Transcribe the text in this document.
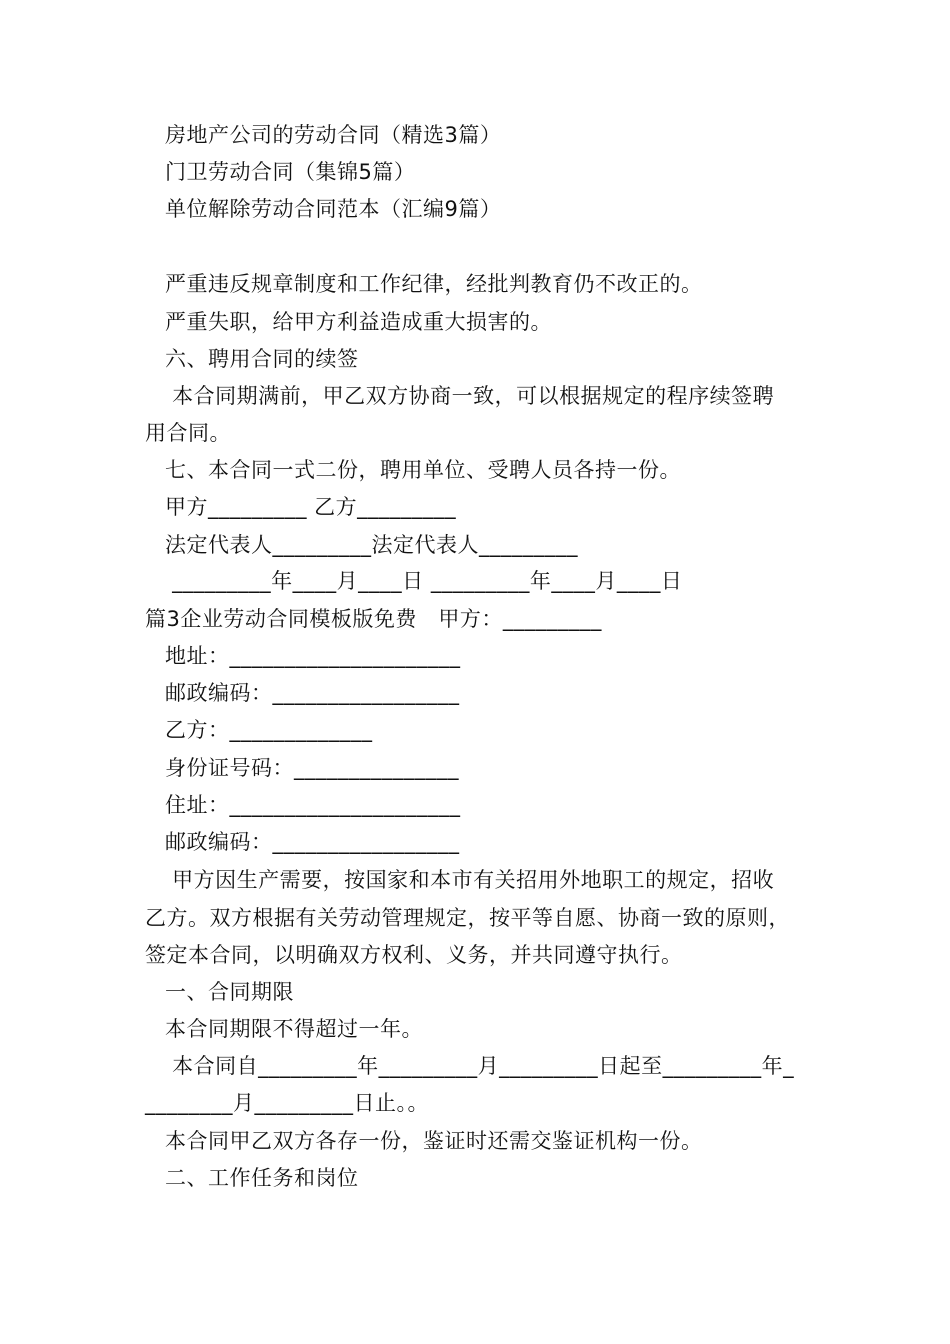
房地产公司的劳动合同（精选3篇）
门卫劳动合同（集锦5篇）
单位解除劳动合同范本（汇编9篇）
严重违反规章制度和工作纪律，经批判教育仍不改正的。
严重失职，给甲方利益造成重大损害的。
六、聘用合同的续签
本合同期满前，甲乙双方协商一致，可以根据规定的程序续签聘
用合同。
七、本合同一式二份，聘用单位、受聘人员各持一份。
甲方_________ 乙方_________
法定代表人_________法定代表人_________
_________年____月____日 _________年____月____日
篇3企业劳动合同模板版免费   甲方：_________
地址：_____________________
邮政编码：_________________
乙方：_____________
身份证号码：_______________
住址：_____________________
邮政编码：_________________
甲方因生产需要，按国家和本市有关招用外地职工的规定，招收
乙方。双方根据有关劳动管理规定，按平等自愿、协商一致的原则，
签定本合同，以明确双方权利、义务，并共同遵守执行。
一、合同期限
本合同期限不得超过一年。
本合同自_________年_________月_________日起至_________年_
________月_________日止。。
本合同甲乙双方各存一份，鉴证时还需交鉴证机构一份。
二、工作任务和岗位
